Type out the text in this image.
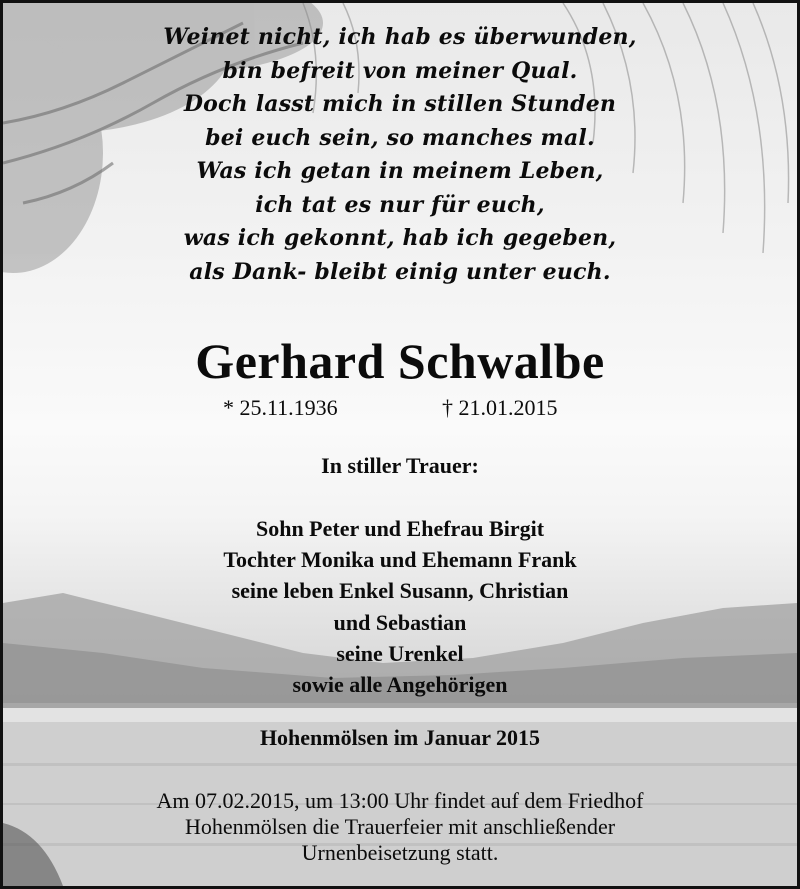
Weinet nicht, ich hab es überwunden,
bin befreit von meiner Qual.
Doch lasst mich in stillen Stunden
bei euch sein, so manches mal.
Was ich getan in meinem Leben,
ich tat es nur für euch,
was ich gekonnt, hab ich gegeben,
als Dank- bleibt einig unter euch.
Gerhard Schwalbe
* 25.11.1936	† 21.01.2015
In stiller Trauer:
Sohn Peter und Ehefrau Birgit
Tochter Monika und Ehemann Frank
seine leben Enkel Susann, Christian
und Sebastian
seine Urenkel
sowie alle Angehörigen
Hohenmölsen im Januar 2015
Am 07.02.2015, um 13:00 Uhr findet auf dem Friedhof
Hohenmölsen die Trauerfeier mit anschließender
Urnenbeisetzung statt.
